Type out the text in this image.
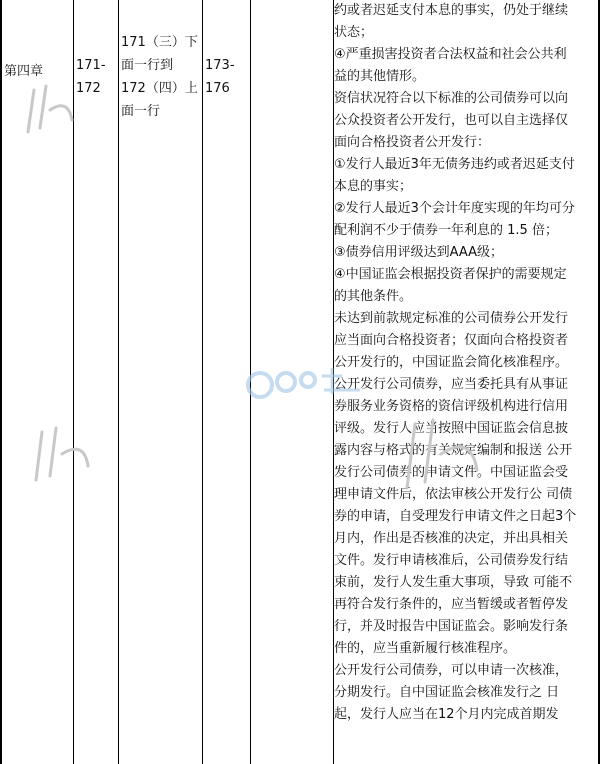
第四章	171-
172
171（三）下
面一行到
172（四）上
面一行
173-
176
约或者迟延支付本息的事实，仍处于继续
状态；
④严重损害投资者合法权益和社会公共利
益的其他情形。
资信状况符合以下标准的公司债券可以向
公众投资者公开发行，也可以自主选择仅
面向合格投资者公开发行：
①发行人最近3年无债务违约或者迟延支付
本息的事实；
②发行人最近3个会计年度实现的年均可分
配利润不少于债券一年利息的 1.5 倍；
③债券信用评级达到AAA级；
④中国证监会根据投资者保护的需要规定
的其他条件。
未达到前款规定标准的公司债券公开发行
应当面向合格投资者；仅面向合格投资者
公开发行的，中国证监会简化核准程序。
公开发行公司债券，应当委托具有从事证
券服务业务资格的资信评级机构进行信用
评级。发行人应当按照中国证监会信息披
露内容与格式的有关规定编制和报送 公开
发行公司债券的申请文件。中国证监会受
理申请文件后，依法审核公开发行公 司债
券的申请，自受理发行申请文件之日起3个
月内，作出是否核准的决定，并出具相关
文件。发行申请核准后，公司债券发行结
束前，发行人发生重大事项，导致 可能不
再符合发行条件的，应当暂缓或者暂停发
行，并及时报告中国证监会。影响发行条
件的，应当重新履行核准程序。
公开发行公司债券，可以申请一次核准，
分期发行。自中国证监会核准发行之 日
起，发行人应当在12个月内完成首期发
